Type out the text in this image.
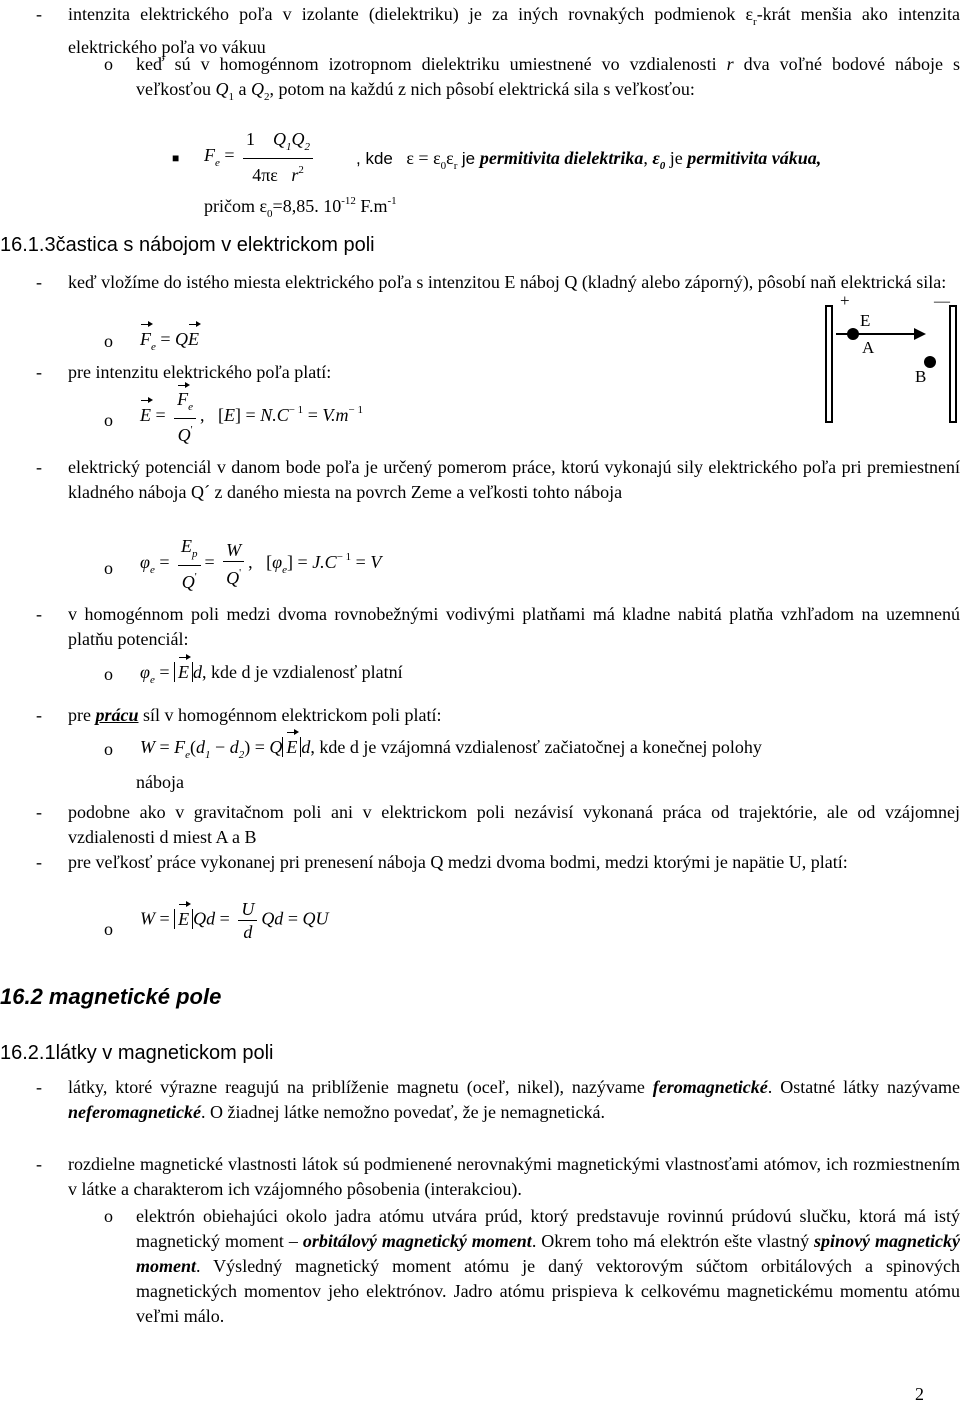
- intenzita elektrického poľa v izolante (dielektriku) je za iných rovnakých podmienok $\varepsilon_r$-krát menšia ako intenzita elektrického poľa vo vákuu
o keď sú v homogénnom izotropnom dielektriku umiestnené vo vzdialenosti r dva voľné bodové náboje s veľkosťou $Q_1$ a $Q_2$, potom na každú z nich pôsobí elektrická sila s veľkosťou:
■ $F_e = \frac{1 Q_1Q_2}{4\pi\varepsilon r^2}$	, kde $\varepsilon = \varepsilon_0\varepsilon_r$ je permitivita dielektrika, $\varepsilon_0$ je permitivita vákua,
pričom $\varepsilon_0=8,85$. $10^{-12}$ $F.m^{-1}$
16.1.3častica s nábojom v elektrickom poli
- keď vložíme do istého miesta elektrického poľa s intenzitou E náboj Q (kladný alebo záporný), pôsobí naň elektrická sila:
o $F_e$ = QE
+	—
E
A
B
- pre intenzitu elektrického poľa platí:
o $E = \frac{F_e}{Q'}$ , $[E] = N.C^{- 1} = V.m^{- 1}$
- elektrický potenciál v danom bode poľa je určený pomerom práce, ktorú vykonajú sily elektrického poľa pri premiestnení kladného náboja Q´ z daného miesta na povrch Zeme a veľkosti tohto náboja
o $\varphi_e = \frac{E_p}{Q'} = \frac{W}{Q'}$ , $[\varphi_e] = J.C^{- 1} = V$
- v homogénnom poli medzi dvoma rovnobežnými vodivými platňami má kladne nabitá platňa vzhľadom na uzemnenú platňu potenciál:
o $\varphi_e = E$ d, kde d je vzdialenosť platní
- pre prácu síl v homogénnom elektrickom poli platí:
o $W = F_e(d_1 - d_2) = Q$ E d, kde d je vzájomná vzdialenosť začiatočnej a konečnej polohy
náboja
- podobne ako v gravitačnom poli ani v elektrickom poli nezávisí vykonaná práca od trajektórie, ale od vzájomnej vzdialenosti d miest A a B
- pre veľkosť práce vykonanej pri prenesení náboja Q medzi dvoma bodmi, medzi ktorými je napätie U, platí:
o
W = E $Qd = \frac{U}{d}$ Qd = QU
16.2 magnetické pole
16.2.1látky v magnetickom poli
- látky, ktoré výrazne reagujú na priblíženie magnetu (oceľ, nikel), nazývame feromagnetické. Ostatné látky nazývame neferomagnetické. O žiadnej látke nemožno povedať, že je nemagnetická.
- rozdielne magnetické vlastnosti látok sú podmienené nerovnakými magnetickými vlastnosťami atómov, ich rozmiestnením v látke a charakterom ich vzájomného pôsobenia (interakciou).
o elektrón obiehajúci okolo jadra atómu utvára prúd, ktorý predstavuje rovinnú prúdovú slučku, ktorá má istý magnetický moment – orbitálový magnetický moment. Okrem toho má elektrón ešte vlastný spinový magnetický moment. Výsledný magnetický moment atómu je daný vektorovým súčtom orbitálových a spinových magnetických momentov jeho elektrónov. Jadro atómu prispieva k celkovému magnetickému momentu atómu veľmi málo.
2
